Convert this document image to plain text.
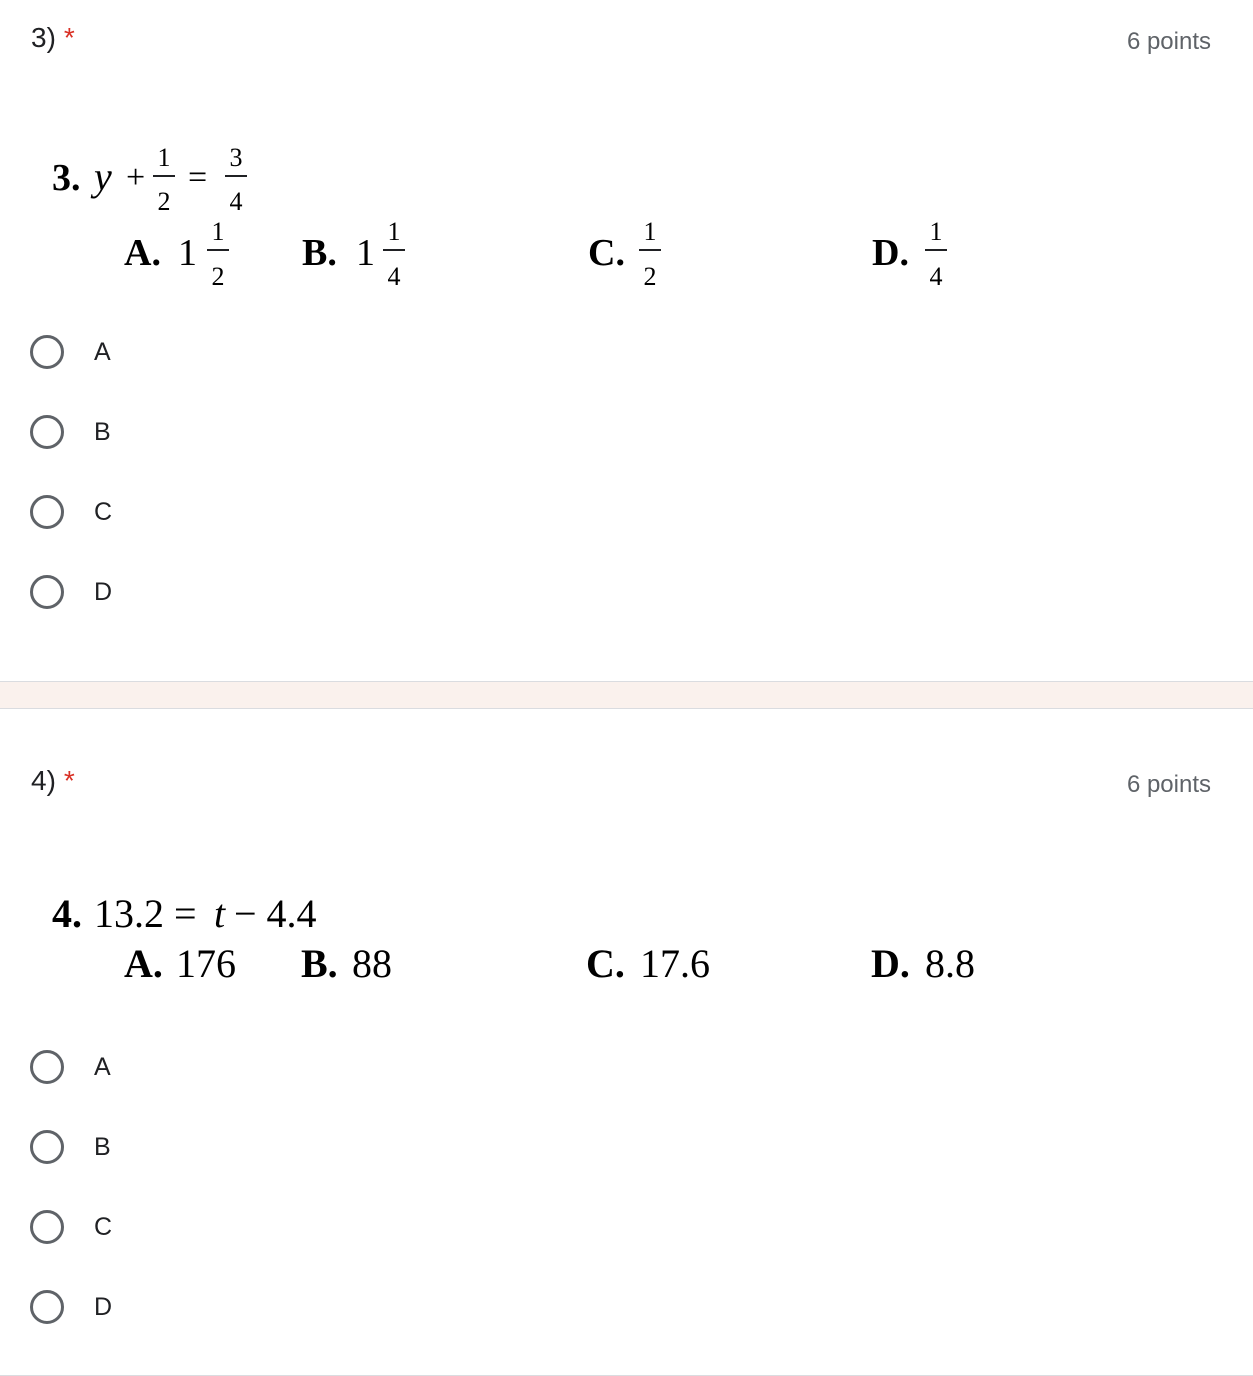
3) *	6 points
3. y +
1
2
=
3
4
A. 1
1
2
B. 1
1
4
C.
1
2
D.
1
4
A
B
C
D
4) *	6 points
4. 13.2 = t − 4.4
A. 176 B. 88	C. 17.6	D. 8.8
A
B
C
D
